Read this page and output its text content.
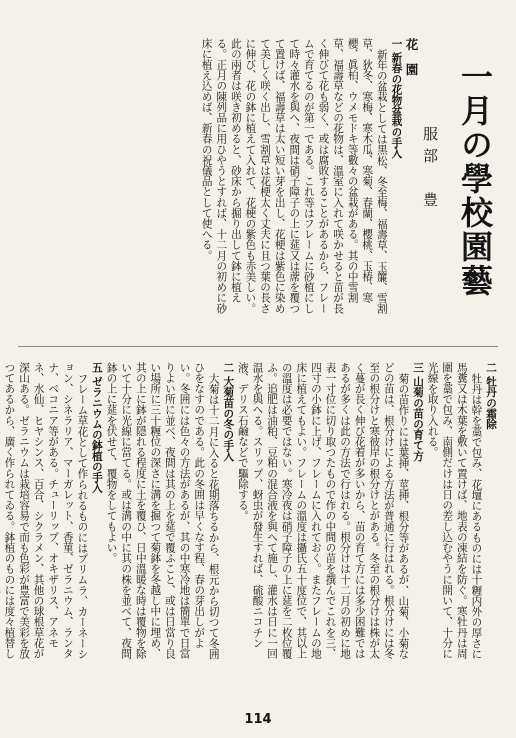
一月の學校園藝
服部　豊
花　園
一 新春の花物盆栽の手入

新年の盆栽としては黒松、冬至梅、福壽草、玉簾、雪割草、狄冬、寒梅、寒木瓜、寒菊、春蘭、櫻桃、玉椿、寒櫻、眞柏、ウメモドキ等數々の盆栽がある。其の中雪割草、福壽草などの花物は、溫室に入れて咲かせると苗が長く伸びて花も弱く、或は腐敗することがあるから、フレームで育てるのが第一である。これ等はフレームに砂植にして時々灌水を與へ、夜間は硝子障子の上に莚又は蓆を覆つて置けば、福壽草は太い短い芽を出し、花梗は紫色に染めて美しく咲く出し、雪割草は花梗太く丈夫に且つ葉の長さに伸び、花の鉢に植えて入れて、花梗の紫色も赤美しい。此の兩者は咲き初めると、砂床から掘り出して鉢に植える。正月の陳列品に用ひやうとすれば、十二月の初めに砂床に植え込めば、新春の祝儀品として使へる。

二 牡丹の霜除

牡丹は幹を藁で包み、花壇にあるものには十糎内外の厚さに馬糞又は木葉を敷いて置けば、地表の凍結を防ぐ。寒牡丹は周圍を藁で包み、南側だけは日の差し込むやうに開いて、十分に光線を取り入れる。

三 山菊の苗の育て方

菊の苗作りには葉挿、莖挿、根分等があるが、山菊、小菊などの苗は、根分けによる方法が普通に行はれる。根分けには冬至の根分けと寒彼岸の根分けとがある。冬至の根分けは株が太く蔓が長く伸び花着が多いから、苗の育て方には多少困難ではあるが多くは此の方法で行はれる。根分けは十二月の初めに地表一寸位に切り取つたもので作の中間の苗を撰んでこれを三、四寸の小鉢に上げ、フレームに入れておく。またフレームの地床に植えてもよい。フレームの溫度は攝氏五十度位で、其以上の溫度は必要ではない。寒冷夜は硝子障子の上に莚を二枚位覆ふ。追肥は油粕、豆粕の混合液を與へて施し、灌水は日に一回温水を與へる。スリップ、蚜虫が發生すれば、硫酸ニコチン液、デリス石鹼などで驅除する。

二 大菊苗の冬の手入

大菊は十二月に入ると花期落ちるから、根元から切つて冬囲ひをなすのである。此の冬囲は早くなす程、春の芽出しがよい。冬囲には色々の方法があるが、其の中寒冷地は簡單で日當りよい所に並べ、夜間は其の上を莚で覆ふこと、或は日當り良い場所に三十糎位の深さに溝を掘つて菊鉢を冬越し中に埋め、其の上に鉢が隠れる程度に土を覆ひ、日中溫暖な時は覆物を除いて十分に光線に當てる。或は溝の中に其の株を並べて、夜間鉢の上に莚を伏せて、覆物をしてもよい。

五 ゼラニウムの鉢植の手入

フレーム草花として作られるものにはプリムラ、カーネーション、シネラリア、マーガレット、香菫、ゼラニウム、ランタナ、ベコニア等がある。チューリップ、オキザリス、アネモネ、水仙、ヒヤシンス、百合、シクラメン、其他の球根草花が深山ある。ゼラニウムは栽培容易で而も色彩が豊富で美彩を放つてあるから、廣く作られてゐる。鉢植のものには度々植替し

114
